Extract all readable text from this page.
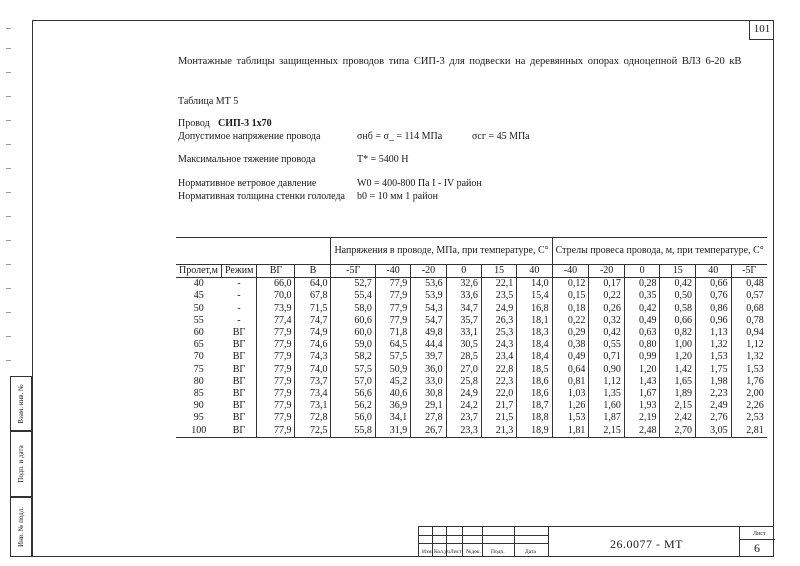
101
Взам. инв. №
Подп. и дата
Инв. № подл.
Монтажные таблицы защищенных проводов типа СИП-3 для подвески на деревянных опорах одноцепной ВЛЗ 6-20 кВ
Таблица МТ 5
Провод СИП-3 1х70
Допустимое напряжение провода	σнб = σ_ = 114 МПа	σсг = 45 МПа
Максимальное тяжение провода	T* = 5400 Н
Нормативное ветровое давление	W0 = 400-800 Па I - IV район
Нормативная толщина стенки гололеда b0 = 10 мм 1 район
				Напряжения в проводе, МПа, при температуре, С°						Стрелы провеса провода, м, при температуре, С°					
Пролет,м	Режим	ВГ	В	-5Г	-40	-20	0	15	40	-40	-20	0	15	40	-5Г
40	-	66,0	64,0	52,7	77,9	53,6	32,6	22,1	14,0	0,12	0,17	0,28	0,42	0,66	0,48
45	-	70,0	67,8	55,4	77,9	53,9	33,6	23,5	15,4	0,15	0,22	0,35	0,50	0,76	0,57
50	-	73,9	71,5	58,0	77,9	54,3	34,7	24,9	16,8	0,18	0,26	0,42	0,58	0,86	0,68
55	-	77,4	74,7	60,6	77,9	54,7	35,7	26,3	18,1	0,22	0,32	0,49	0,66	0,96	0,78
60	ВГ	77,9	74,9	60,0	71,8	49,8	33,1	25,3	18,3	0,29	0,42	0,63	0,82	1,13	0,94
65	ВГ	77,9	74,6	59,0	64,5	44,4	30,5	24,3	18,4	0,38	0,55	0,80	1,00	1,32	1,12
70	ВГ	77,9	74,3	58,2	57,5	39,7	28,5	23,4	18,4	0,49	0,71	0,99	1,20	1,53	1,32
75	ВГ	77,9	74,0	57,5	50,9	36,0	27,0	22,8	18,5	0,64	0,90	1,20	1,42	1,75	1,53
80	ВГ	77,9	73,7	57,0	45,2	33,0	25,8	22,3	18,6	0,81	1,12	1,43	1,65	1,98	1,76
85	ВГ	77,9	73,4	56,6	40,6	30,8	24,9	22,0	18,6	1,03	1,35	1,67	1,89	2,23	2,00
90	ВГ	77,9	73,1	56,2	36,9	29,1	24,2	21,7	18,7	1,26	1,60	1,93	2,15	2,49	2,26
95	ВГ	77,9	72,8	56,0	34,1	27,8	23,7	21,5	18,8	1,53	1,87	2,19	2,42	2,76	2,53
100	ВГ	77,9	72,5	55,8	31,9	26,7	23,3	21,3	18,9	1,81	2,15	2,48	2,70	3,05	2,81
Изм. Кол.уч Лист №док. Подп.	Дата
26.0077 - МТ
Лист
6
